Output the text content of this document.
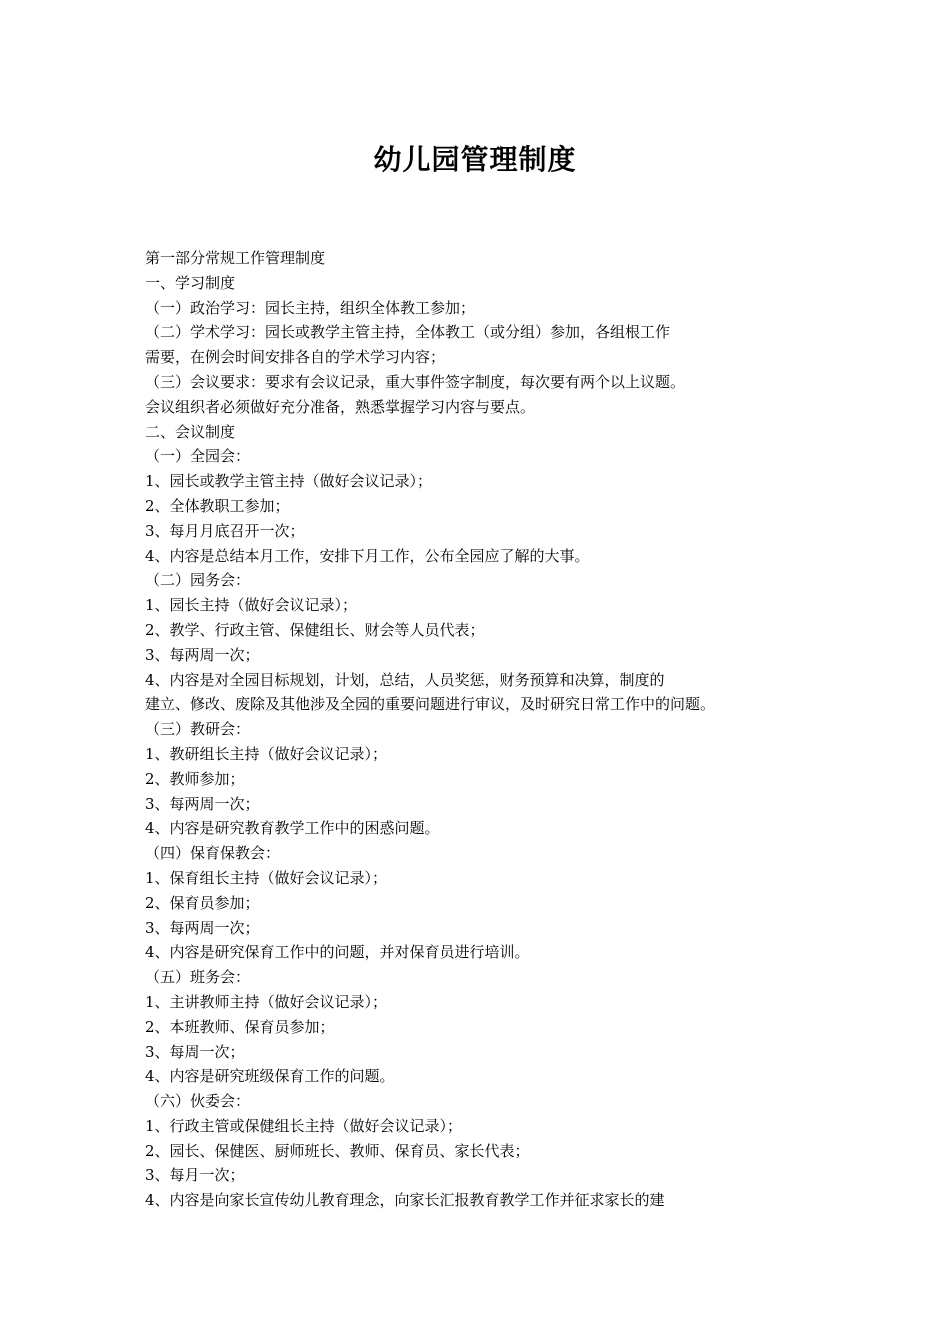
幼儿园管理制度
第一部分常规工作管理制度
一、学习制度
（一）政治学习：园长主持，组织全体教工参加；
（二）学术学习：园长或教学主管主持，全体教工（或分组）参加，各组根工作
需要，在例会时间安排各自的学术学习内容；
（三）会议要求：要求有会议记录，重大事件签字制度，每次要有两个以上议题。
会议组织者必须做好充分准备，熟悉掌握学习内容与要点。
二、会议制度
（一）全园会：
1、园长或教学主管主持（做好会议记录）；
2、全体教职工参加；
3、每月月底召开一次；
4、内容是总结本月工作，安排下月工作，公布全园应了解的大事。
（二）园务会：
1、园长主持（做好会议记录）；
2、教学、行政主管、保健组长、财会等人员代表；
3、每两周一次；
4、内容是对全园目标规划，计划，总结，人员奖惩，财务预算和决算，制度的
建立、修改、废除及其他涉及全园的重要问题进行审议，及时研究日常工作中的问题。
（三）教研会：
1、教研组长主持（做好会议记录）；
2、教师参加；
3、每两周一次；
4、内容是研究教育教学工作中的困惑问题。
（四）保育保教会：
1、保育组长主持（做好会议记录）；
2、保育员参加；
3、每两周一次；
4、内容是研究保育工作中的问题，并对保育员进行培训。
（五）班务会：
1、主讲教师主持（做好会议记录）；
2、本班教师、保育员参加；
3、每周一次；
4、内容是研究班级保育工作的问题。
（六）伙委会：
1、行政主管或保健组长主持（做好会议记录）；
2、园长、保健医、厨师班长、教师、保育员、家长代表；
3、每月一次；
4、内容是向家长宣传幼儿教育理念，向家长汇报教育教学工作并征求家长的建
